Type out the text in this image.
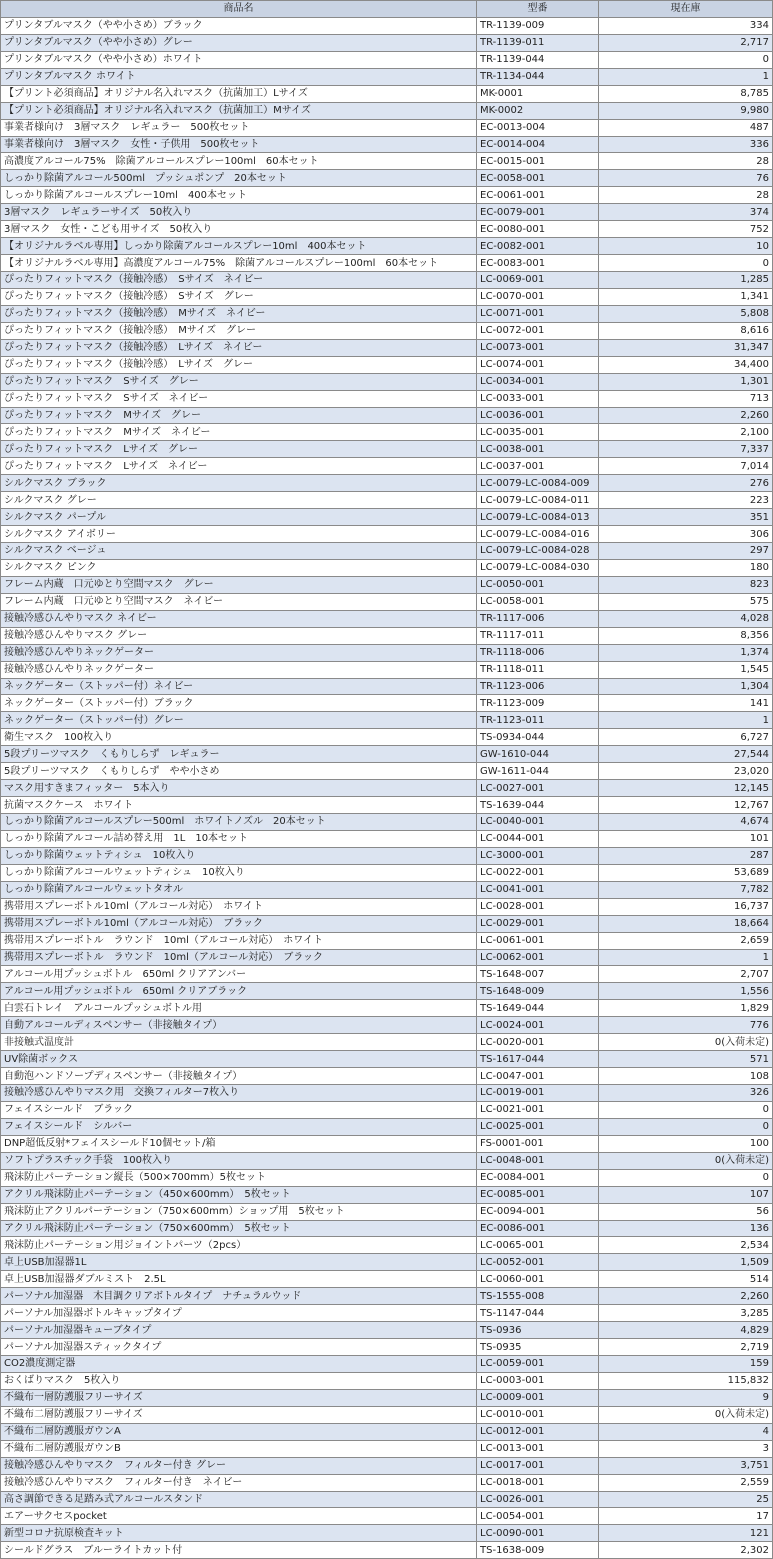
商品名	型番	現在庫
プリンタブルマスク（やや小さめ）ブラック	TR-1139-009	334
プリンタブルマスク（やや小さめ）グレー	TR-1139-011	2,717
プリンタブルマスク（やや小さめ）ホワイト	TR-1139-044	0
プリンタブルマスク ホワイト	TR-1134-044	1
【プリント必須商品】オリジナル名入れマスク（抗菌加工）Lサイズ	MK-0001	8,785
【プリント必須商品】オリジナル名入れマスク（抗菌加工）Mサイズ	MK-0002	9,980
事業者様向け　3層マスク　レギュラー　500枚セット	EC-0013-004	487
事業者様向け　3層マスク　女性・子供用　500枚セット	EC-0014-004	336
高濃度アルコール75%　除菌アルコールスプレー100ml　60本セット	EC-0015-001	28
しっかり除菌アルコール500ml　プッシュポンプ　20本セット	EC-0058-001	76
しっかり除菌アルコールスプレー10ml　400本セット	EC-0061-001	28
3層マスク　レギュラーサイズ　50枚入り	EC-0079-001	374
3層マスク　女性・こども用サイズ　50枚入り	EC-0080-001	752
【オリジナルラベル専用】しっかり除菌アルコールスプレー10ml　400本セット	EC-0082-001	10
【オリジナルラベル専用】高濃度アルコール75%　除菌アルコールスプレー100ml　60本セット	EC-0083-001	0
ぴったりフィットマスク（接触冷感）　Sサイズ　ネイビー	LC-0069-001	1,285
ぴったりフィットマスク（接触冷感）　Sサイズ　グレー	LC-0070-001	1,341
ぴったりフィットマスク（接触冷感）　Mサイズ　ネイビー	LC-0071-001	5,808
ぴったりフィットマスク（接触冷感）　Mサイズ　グレー	LC-0072-001	8,616
ぴったりフィットマスク（接触冷感）　Lサイズ　ネイビー	LC-0073-001	31,347
ぴったりフィットマスク（接触冷感）　Lサイズ　グレー	LC-0074-001	34,400
ぴったりフィットマスク　Sサイズ　グレー	LC-0034-001	1,301
ぴったりフィットマスク　Sサイズ　ネイビー	LC-0033-001	713
ぴったりフィットマスク　Mサイズ　グレー	LC-0036-001	2,260
ぴったりフィットマスク　Mサイズ　ネイビー	LC-0035-001	2,100
ぴったりフィットマスク　Lサイズ　グレー	LC-0038-001	7,337
ぴったりフィットマスク　Lサイズ　ネイビー	LC-0037-001	7,014
シルクマスク ブラック	LC-0079-LC-0084-009	276
シルクマスク グレー	LC-0079-LC-0084-011	223
シルクマスク パープル	LC-0079-LC-0084-013	351
シルクマスク アイボリー	LC-0079-LC-0084-016	306
シルクマスク ベージュ	LC-0079-LC-0084-028	297
シルクマスク ピンク	LC-0079-LC-0084-030	180
フレーム内蔵　口元ゆとり空間マスク　グレー	LC-0050-001	823
フレーム内蔵　口元ゆとり空間マスク　ネイビー	LC-0058-001	575
接触冷感ひんやりマスク ネイビー	TR-1117-006	4,028
接触冷感ひんやりマスク グレー	TR-1117-011	8,356
接触冷感ひんやりネックゲーター	TR-1118-006	1,374
接触冷感ひんやりネックゲーター	TR-1118-011	1,545
ネックゲーター（ストッパー付）ネイビー	TR-1123-006	1,304
ネックゲーター（ストッパー付）ブラック	TR-1123-009	141
ネックゲーター（ストッパー付）グレー	TR-1123-011	1
衛生マスク　100枚入り	TS-0934-044	6,727
5段プリーツマスク　くもりしらず　レギュラー	GW-1610-044	27,544
5段プリーツマスク　くもりしらず　やや小さめ	GW-1611-044	23,020
マスク用すきまフィッター　5本入り	LC-0027-001	12,145
抗菌マスクケース　ホワイト	TS-1639-044	12,767
しっかり除菌アルコールスプレー500ml　ホワイトノズル　20本セット	LC-0040-001	4,674
しっかり除菌アルコール詰め替え用　1L　10本セット	LC-0044-001	101
しっかり除菌ウェットティシュ　10枚入り	LC-3000-001	287
しっかり除菌アルコールウェットティシュ　10枚入り	LC-0022-001	53,689
しっかり除菌アルコールウェットタオル	LC-0041-001	7,782
携帯用スプレーボトル10ml（アルコール対応）　ホワイト	LC-0028-001	16,737
携帯用スプレーボトル10ml（アルコール対応）　ブラック	LC-0029-001	18,664
携帯用スプレーボトル　ラウンド　10ml（アルコール対応）　ホワイト	LC-0061-001	2,659
携帯用スプレーボトル　ラウンド　10ml（アルコール対応）　ブラック	LC-0062-001	1
アルコール用プッシュボトル　650ml クリアアンバー	TS-1648-007	2,707
アルコール用プッシュボトル　650ml クリアブラック	TS-1648-009	1,556
白雲石トレイ　アルコールプッシュボトル用	TS-1649-044	1,829
自動アルコールディスペンサー（非接触タイプ）	LC-0024-001	776
非接触式温度計	LC-0020-001	0(入荷未定)
UV除菌ボックス	TS-1617-044	571
自動泡ハンドソープディスペンサー（非接触タイプ）	LC-0047-001	108
接触冷感ひんやりマスク用　交換フィルター7枚入り	LC-0019-001	326
フェイスシールド　ブラック	LC-0021-001	0
フェイスシールド　シルバー	LC-0025-001	0
DNP超低反射*フェイスシールド10個セット/箱	FS-0001-001	100
ソフトプラスチック手袋　100枚入り	LC-0048-001	0(入荷未定)
飛沫防止パーテーション縦長（500×700mm）5枚セット	EC-0084-001	0
アクリル飛沫防止パーテーション（450×600mm）　5枚セット	EC-0085-001	107
飛沫防止アクリルパーテーション（750×600mm）ショップ用　5枚セット	EC-0094-001	56
アクリル飛沫防止パーテーション（750×600mm）　5枚セット	EC-0086-001	136
飛沫防止パーテーション用ジョイントパーツ（2pcs）	LC-0065-001	2,534
卓上USB加湿器1L	LC-0052-001	1,509
卓上USB加湿器ダブルミスト　2.5L	LC-0060-001	514
パーソナル加湿器　木目調クリアボトルタイプ　ナチュラルウッド	TS-1555-008	2,260
パーソナル加湿器ボトルキャップタイプ	TS-1147-044	3,285
パーソナル加湿器キューブタイプ	TS-0936	4,829
パーソナル加湿器スティックタイプ	TS-0935	2,719
CO2濃度測定器	LC-0059-001	159
おくばりマスク　5枚入り	LC-0003-001	115,832
不織布一層防護服フリーサイズ	LC-0009-001	9
不織布二層防護服フリーサイズ	LC-0010-001	0(入荷未定)
不織布二層防護服ガウンA	LC-0012-001	4
不織布二層防護服ガウンB	LC-0013-001	3
接触冷感ひんやりマスク　フィルター付き グレー	LC-0017-001	3,751
接触冷感ひんやりマスク　フィルター付き　ネイビー	LC-0018-001	2,559
高さ調節できる足踏み式アルコールスタンド	LC-0026-001	25
エアーサクセスpocket	LC-0054-001	17
新型コロナ抗原検査キット	LC-0090-001	121
シールドグラス　ブルーライトカット付	TS-1638-009	2,302
